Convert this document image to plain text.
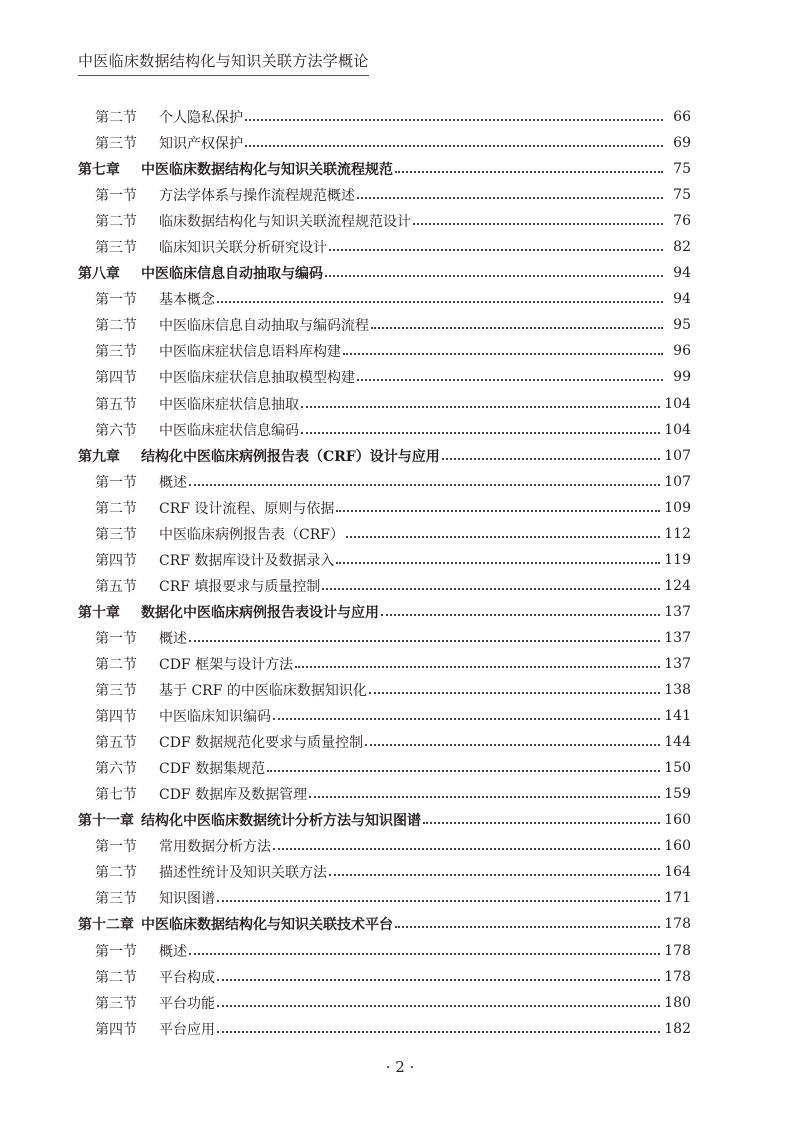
中医临床数据结构化与知识关联方法学概论
第二节	个人隐私保护	66
第三节	知识产权保护	69
第七章	中医临床数据结构化与知识关联流程规范	75
第一节	方法学体系与操作流程规范概述	75
第二节	临床数据结构化与知识关联流程规范设计	76
第三节	临床知识关联分析研究设计	82
第八章	中医临床信息自动抽取与编码	94
第一节	基本概念	94
第二节	中医临床信息自动抽取与编码流程	95
第三节	中医临床症状信息语料库构建	96
第四节	中医临床症状信息抽取模型构建	99
第五节	中医临床症状信息抽取	104
第六节	中医临床症状信息编码	104
第九章	结构化中医临床病例报告表（CRF）设计与应用	107
第一节	概述	107
第二节	CRF 设计流程、原则与依据	109
第三节	中医临床病例报告表（CRF）	112
第四节	CRF 数据库设计及数据录入	119
第五节	CRF 填报要求与质量控制	124
第十章	数据化中医临床病例报告表设计与应用	137
第一节	概述	137
第二节	CDF 框架与设计方法	137
第三节	基于 CRF 的中医临床数据知识化	138
第四节	中医临床知识编码	141
第五节	CDF 数据规范化要求与质量控制	144
第六节	CDF 数据集规范	150
第七节	CDF 数据库及数据管理	159
第十一章 结构化中医临床数据统计分析方法与知识图谱	160
第一节	常用数据分析方法	160
第二节	描述性统计及知识关联方法	164
第三节	知识图谱	171
第十二章 中医临床数据结构化与知识关联技术平台	178
第一节	概述	178
第二节	平台构成	178
第三节	平台功能	180
第四节	平台应用	182
· 2 ·
